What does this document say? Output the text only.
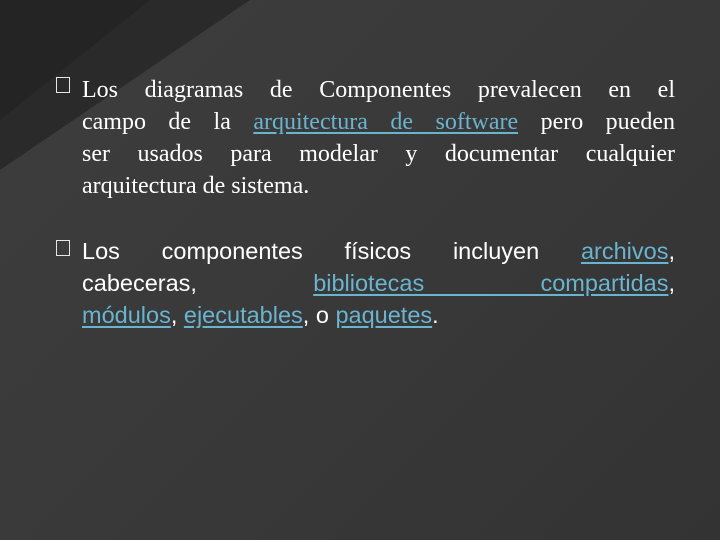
Los diagramas de Componentes prevalecen en el
campo de la arquitectura de software pero pueden
ser usados para modelar y documentar cualquier
arquitectura de sistema.
Los componentes físicos incluyen archivos,
cabeceras, bibliotecas compartidas,
módulos, ejecutables, o paquetes.
